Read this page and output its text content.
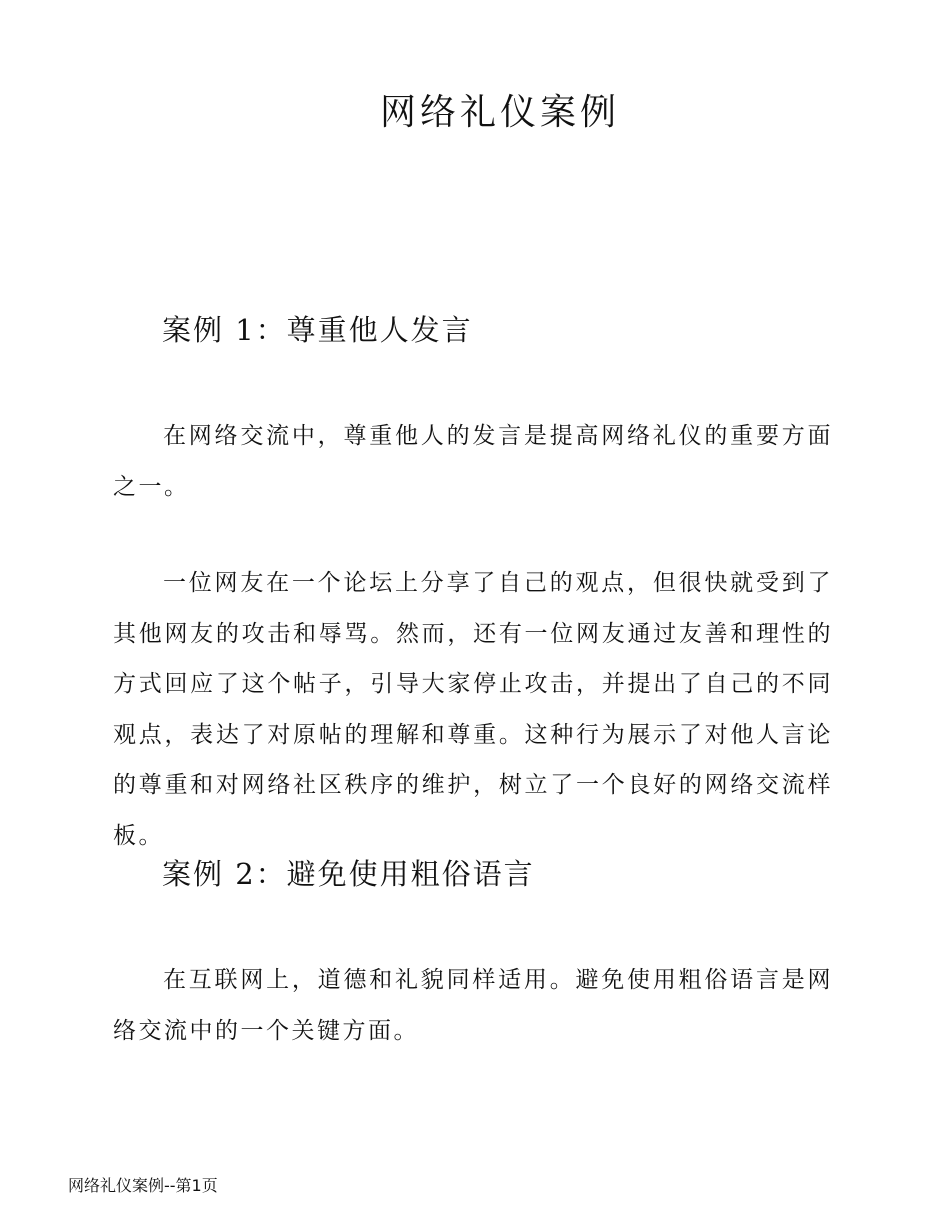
网络礼仪案例
案例 1：尊重他人发言

在网络交流中，尊重他人的发言是提高网络礼仪的重要方面之一。

一位网友在一个论坛上分享了自己的观点，但很快就受到了其他网友的攻击和辱骂。然而，还有一位网友通过友善和理性的方式回应了这个帖子，引导大家停止攻击，并提出了自己的不同观点，表达了对原帖的理解和尊重。这种行为展示了对他人言论的尊重和对网络社区秩序的维护，树立了一个良好的网络交流样板。

案例 2：避免使用粗俗语言

在互联网上，道德和礼貌同样适用。避免使用粗俗语言是网络交流中的一个关键方面。

网络礼仪案例--第1页
